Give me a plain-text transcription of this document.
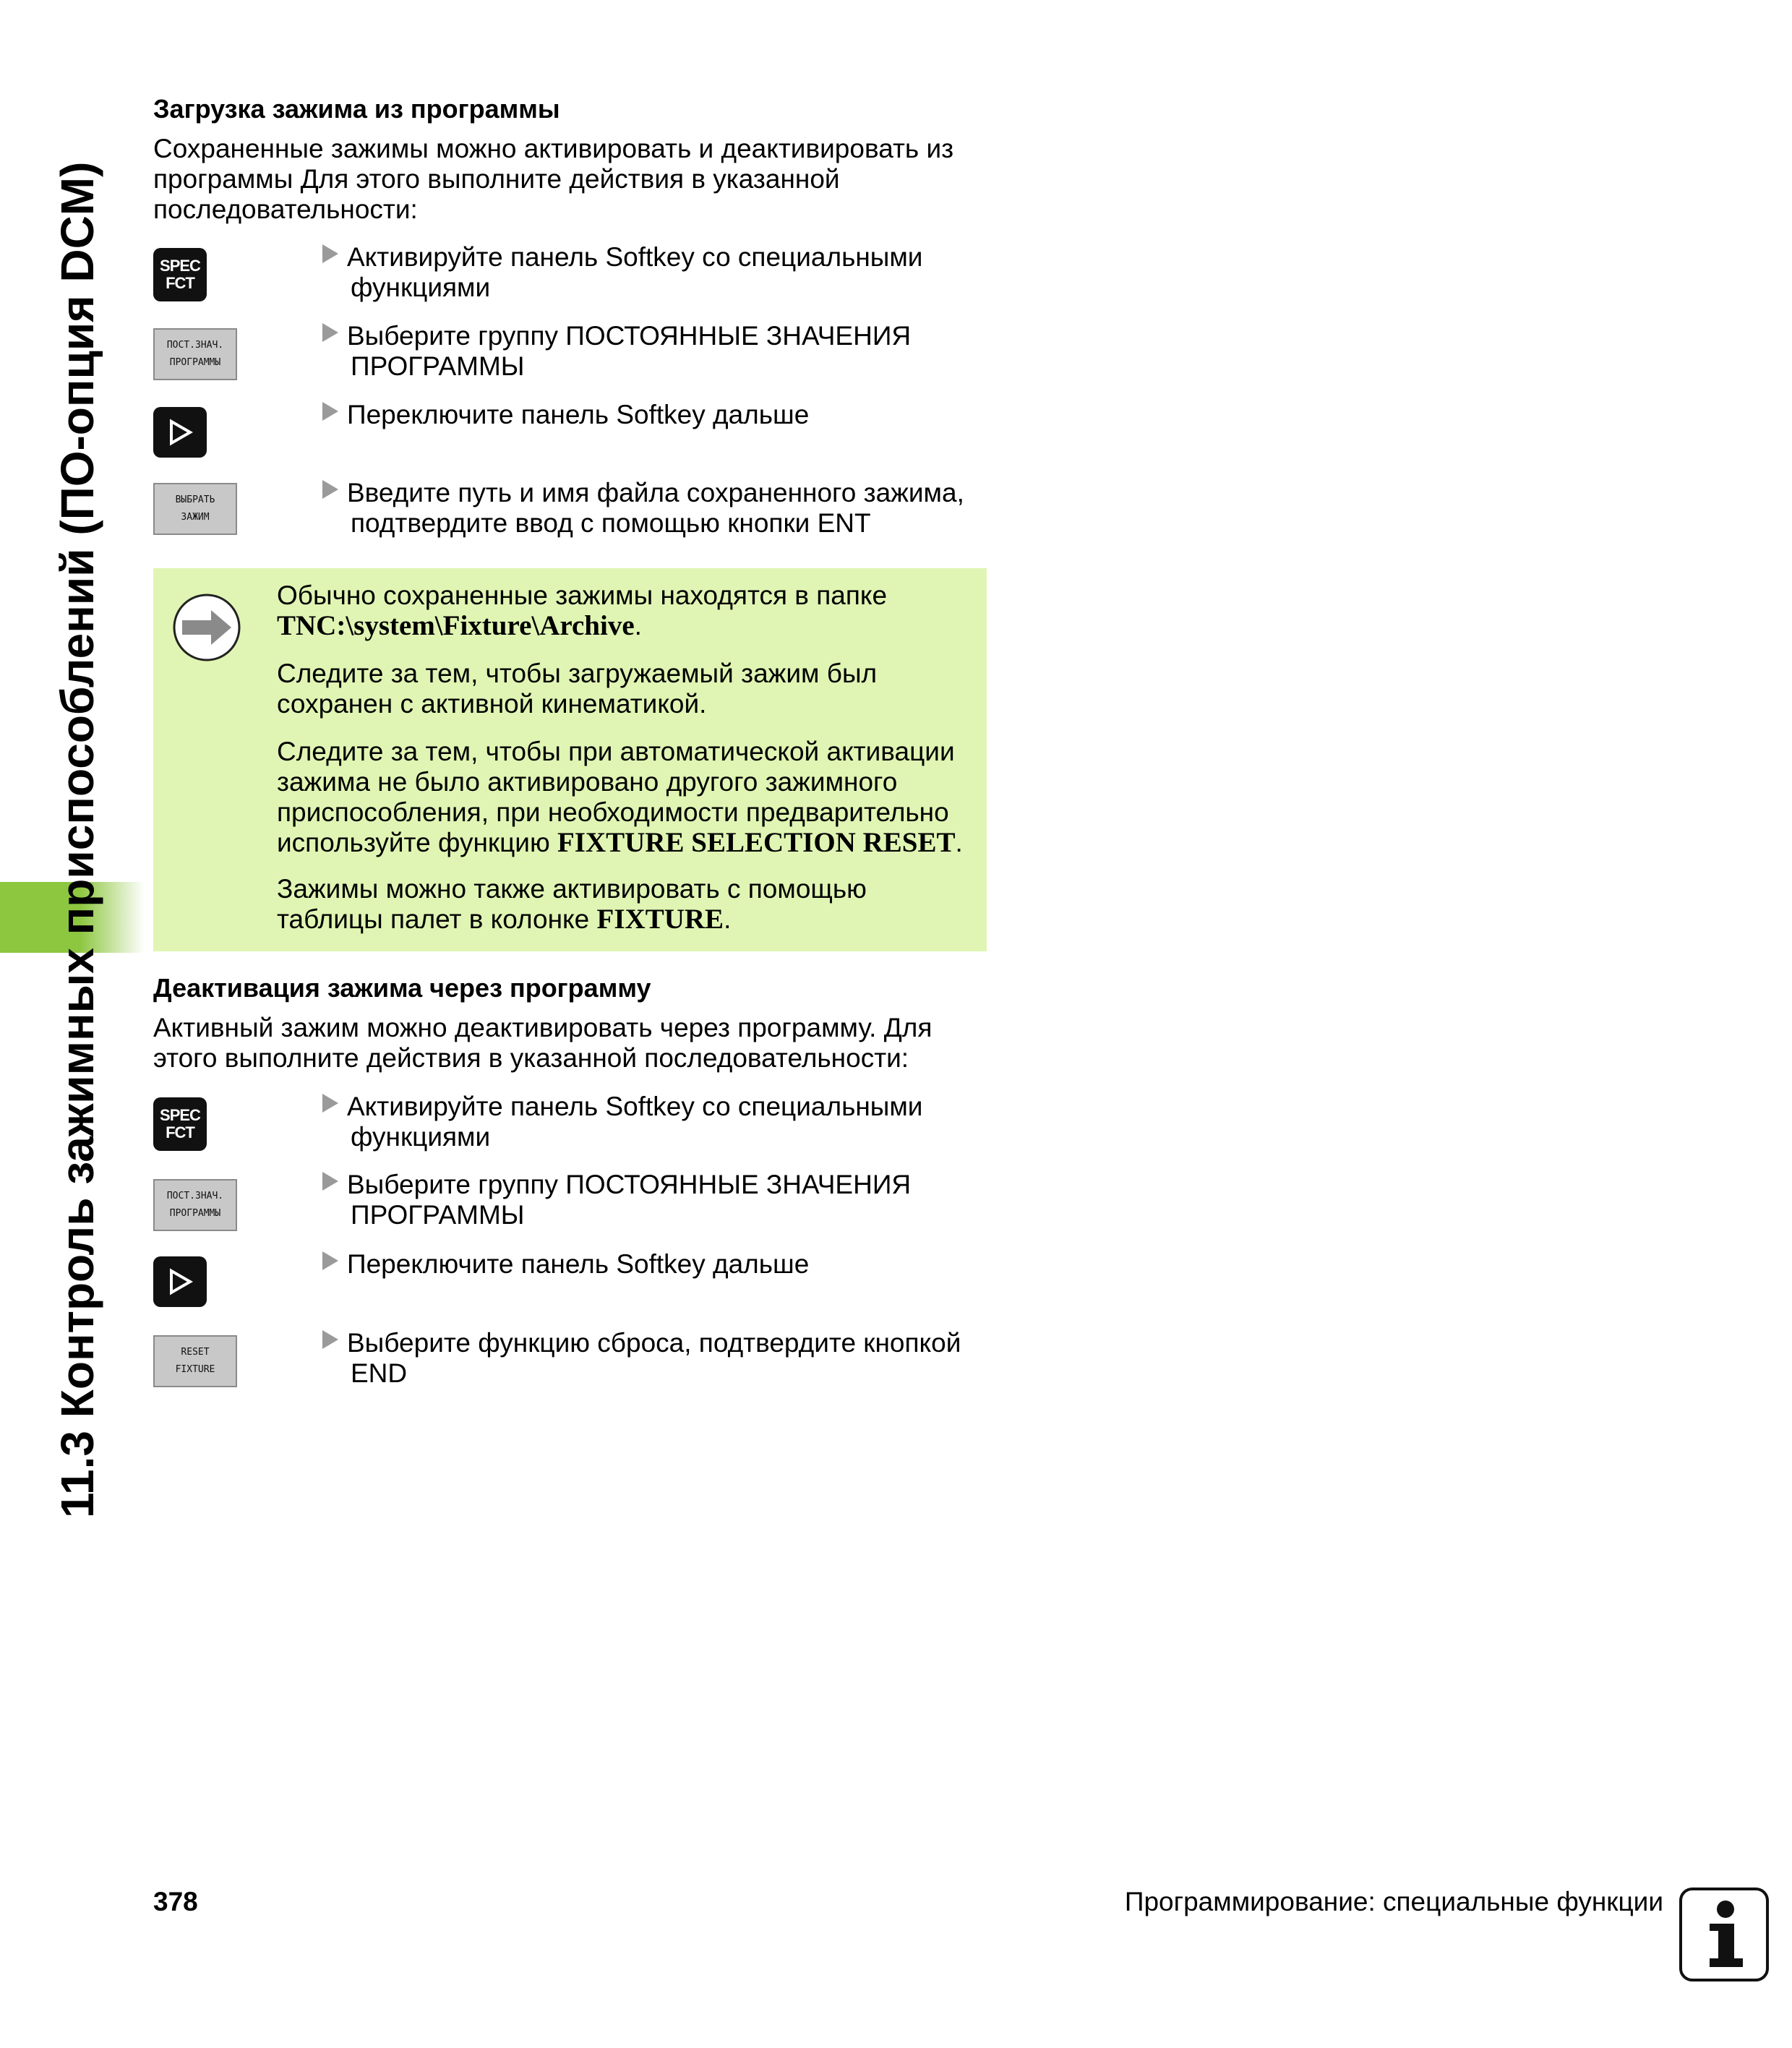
11.3 Контроль зажимных приспособлений (ПО-опция DCM)
Загрузка зажима из программы
Сохраненные зажимы можно активировать и деактивировать из
программы Для этого выполните действия в указанной
последовательности:
SPEC
FCT
Активируйте панель Softkey со специальными
функциями
ПОСТ.ЗНАЧ.
ПРОГРАММЫ
Выберите группу ПОСТОЯННЫЕ ЗНАЧЕНИЯ
ПРОГРАММЫ
Переключите панель Softkey дальше
ВЫБРАТЬ
ЗАЖИМ
Введите путь и имя файла сохраненного зажима,
подтвердите ввод с помощью кнопки ENT
Обычно сохраненные зажимы находятся в папке
TNC:\system\Fixture\Archive.
Следите за тем, чтобы загружаемый зажим был
сохранен с активной кинематикой.
Следите за тем, чтобы при автоматической активации
зажима не было активировано другого зажимного
приспособления, при необходимости предварительно
используйте функцию FIXTURE SELECTION RESET.
Зажимы можно также активировать с помощью
таблицы палет в колонке FIXTURE.
Деактивация зажима через программу
Активный зажим можно деактивировать через программу. Для
этого выполните действия в указанной последовательности:
SPEC
FCT
Активируйте панель Softkey со специальными
функциями
ПОСТ.ЗНАЧ.
ПРОГРАММЫ
Выберите группу ПОСТОЯННЫЕ ЗНАЧЕНИЯ
ПРОГРАММЫ
Переключите панель Softkey дальше
RESET
FIXTURE
Выберите функцию сброса, подтвердите кнопкой
END
378	Программирование: специальные функции
